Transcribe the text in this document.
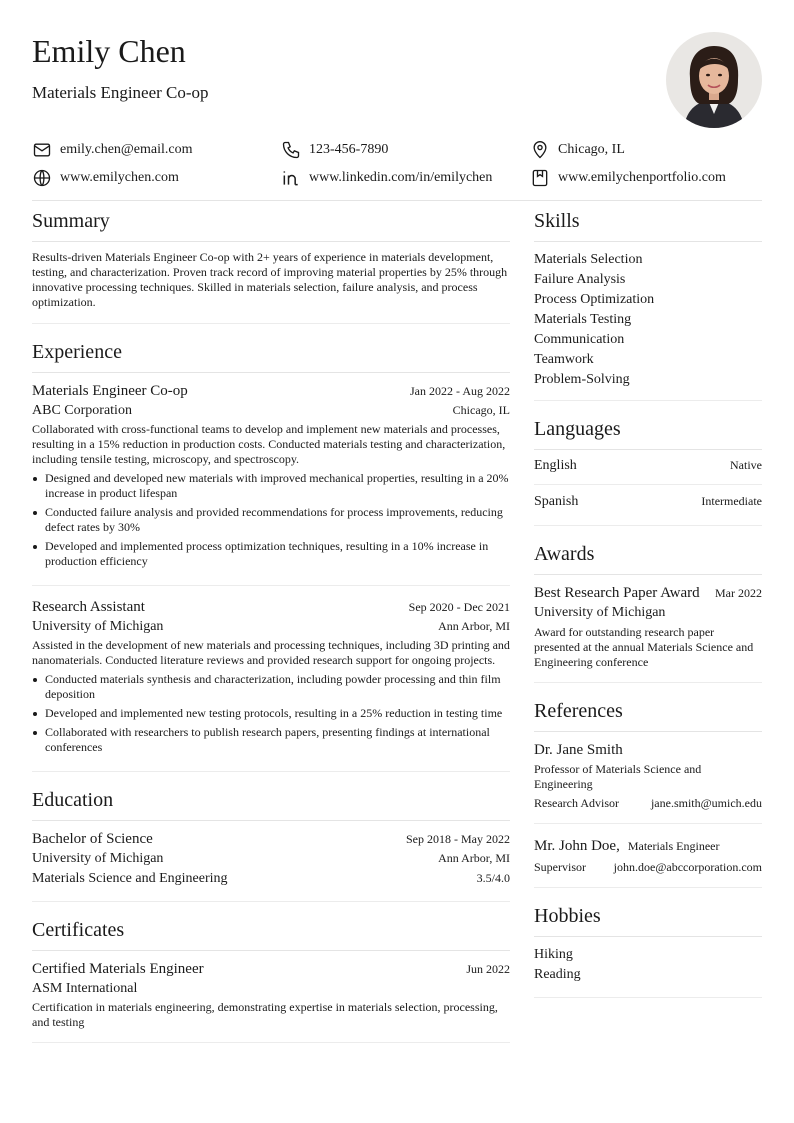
Emily Chen
Materials Engineer Co-op
emily.chen@email.com	123-456-7890	Chicago, IL
www.emilychen.com	www.linkedin.com/in/emilychen	www.emilychenportfolio.com
Summary
Results-driven Materials Engineer Co-op with 2+ years of experience in materials development, testing, and characterization. Proven track record of improving material properties by 25% through innovative processing techniques. Skilled in materials selection, failure analysis, and process optimization.
Experience
Materials Engineer Co-op	Jan 2022 - Aug 2022
ABC Corporation	Chicago, IL
Collaborated with cross-functional teams to develop and implement new materials and processes, resulting in a 15% reduction in production costs. Conducted materials testing and characterization, including tensile testing, microscopy, and spectroscopy.
Designed and developed new materials with improved mechanical properties, resulting in a 20% increase in product lifespan
Conducted failure analysis and provided recommendations for process improvements, reducing defect rates by 30%
Developed and implemented process optimization techniques, resulting in a 10% increase in production efficiency
Research Assistant	Sep 2020 - Dec 2021
University of Michigan	Ann Arbor, MI
Assisted in the development of new materials and processing techniques, including 3D printing and nanomaterials. Conducted literature reviews and provided research support for ongoing projects.
Conducted materials synthesis and characterization, including powder processing and thin film deposition
Developed and implemented new testing protocols, resulting in a 25% reduction in testing time
Collaborated with researchers to publish research papers, presenting findings at international conferences
Education
Bachelor of Science	Sep 2018 - May 2022
University of Michigan	Ann Arbor, MI
Materials Science and Engineering	3.5/4.0
Certificates
Certified Materials Engineer	Jun 2022
ASM International
Certification in materials engineering, demonstrating expertise in materials selection, processing, and testing
Skills
Materials Selection
Failure Analysis
Process Optimization
Materials Testing
Communication
Teamwork
Problem-Solving
Languages
English	Native
Spanish	Intermediate
Awards
Best Research Paper Award Mar 2022
University of Michigan
Award for outstanding research paper presented at the annual Materials Science and Engineering conference
References
Dr. Jane Smith
Professor of Materials Science and Engineering
Research Advisor	jane.smith@umich.edu
Mr. John Doe, Materials Engineer
Supervisor john.doe@abccorporation.com
Hobbies
Hiking
Reading
